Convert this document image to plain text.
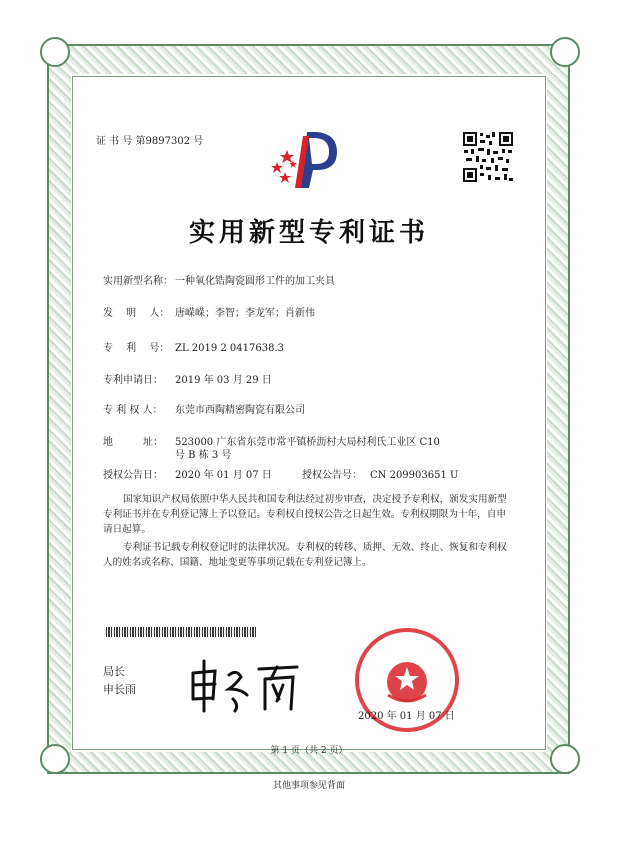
证 书 号 第9897302 号
实用新型专利证书
实用新型名称： 一种氧化锆陶瓷圆形工件的加工夹具
发　 明　 人： 唐嵘嵘；李智；李龙军；肖新伟
专　 利　 号： ZL 2019 2 0417638.3
专利申请日： 2019 年 03 月 29 日
专 利 权 人： 东莞市西陶精密陶瓷有限公司
地　　　址： 523000 广东省东莞市常平镇桥沥村大局村利氏工业区 C10
号 B 栋 3 号
授权公告日： 2020 年 01 月 07 日	授权公告号： CN 209903651 U
国家知识产权局依照中华人民共和国专利法经过初步审查，决定授予专利权，颁发实用新型专利证书并在专利登记簿上予以登记。专利权自授权公告之日起生效。专利权期限为十年，自申请日起算。
专利证书记载专利权登记时的法律状况。专利权的转移、质押、无效、终止、恢复和专利权人的姓名或名称、国籍、地址变更等事项记载在专利登记簿上。
局长
申长雨
2020 年 01 月 07 日
第 1 页（共 2 页）
其他事项参见背面
